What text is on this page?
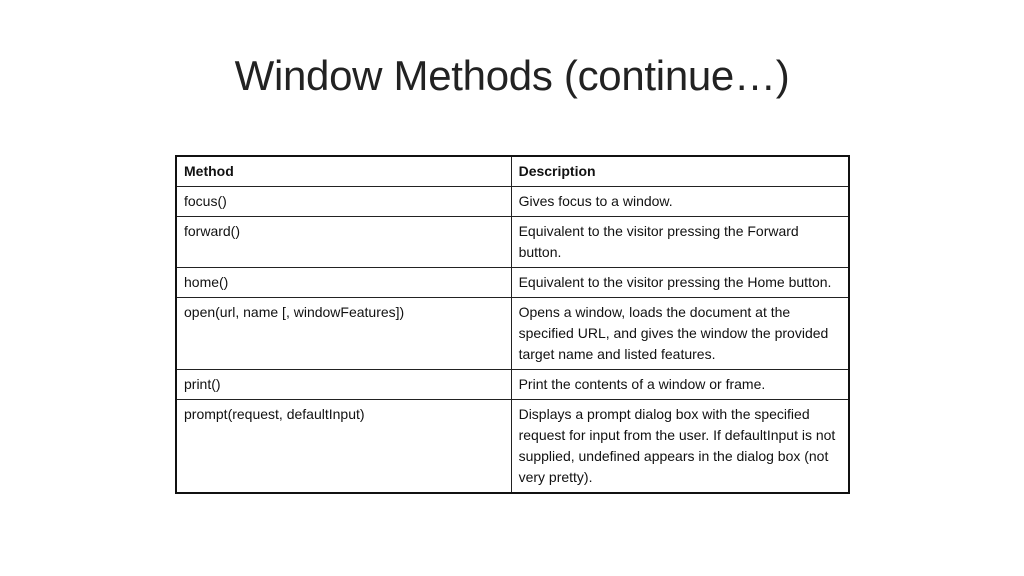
Window Methods (continue…)
Method	Description
focus()	Gives focus to a window.
forward()	Equivalent to the visitor pressing the Forward button.
home()	Equivalent to the visitor pressing the Home button.
open(url, name [, windowFeatures])	Opens a window, loads the document at the specified URL, and gives the window the provided target name and listed features.
print()	Print the contents of a window or frame.
prompt(request, defaultInput)	Displays a prompt dialog box with the specified request for input from the user. If defaultInput is not supplied, undefined appears in the dialog box (not very pretty).
